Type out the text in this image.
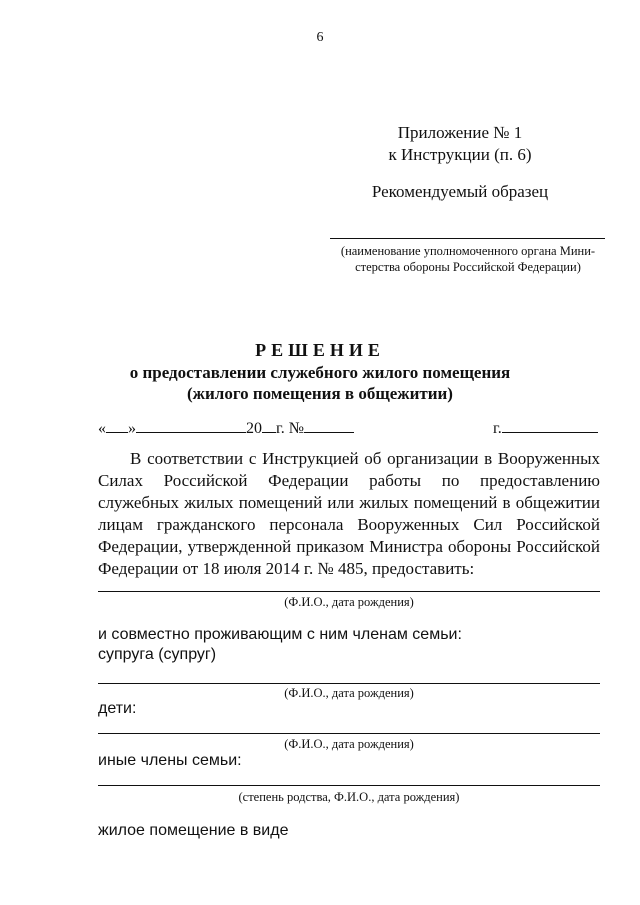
6
Приложение № 1
к Инструкции (п. 6)
Рекомендуемый образец
(наименование уполномоченного органа Мини-
стерства обороны Российской Федерации)
РЕШЕНИЕ
о предоставлении служебного жилого помещения
(жилого помещения в общежитии)
« »	20 г. №	г.
В соответствии с Инструкцией об организации в Вооруженных Силах Российской Федерации работы по предоставлению служебных жилых помещений или жилых помещений в общежитии лицам гражданского персонала Вооруженных Сил Российской Федерации, утвержденной приказом Министра обороны Российской Федерации от 18 июля 2014 г. № 485, предоставить:
(Ф.И.О., дата рождения)
и совместно проживающим с ним членам семьи:
супруга (супруг)
(Ф.И.О., дата рождения)
дети:
(Ф.И.О., дата рождения)
иные члены семьи:
(степень родства, Ф.И.О., дата рождения)
жилое помещение в виде
